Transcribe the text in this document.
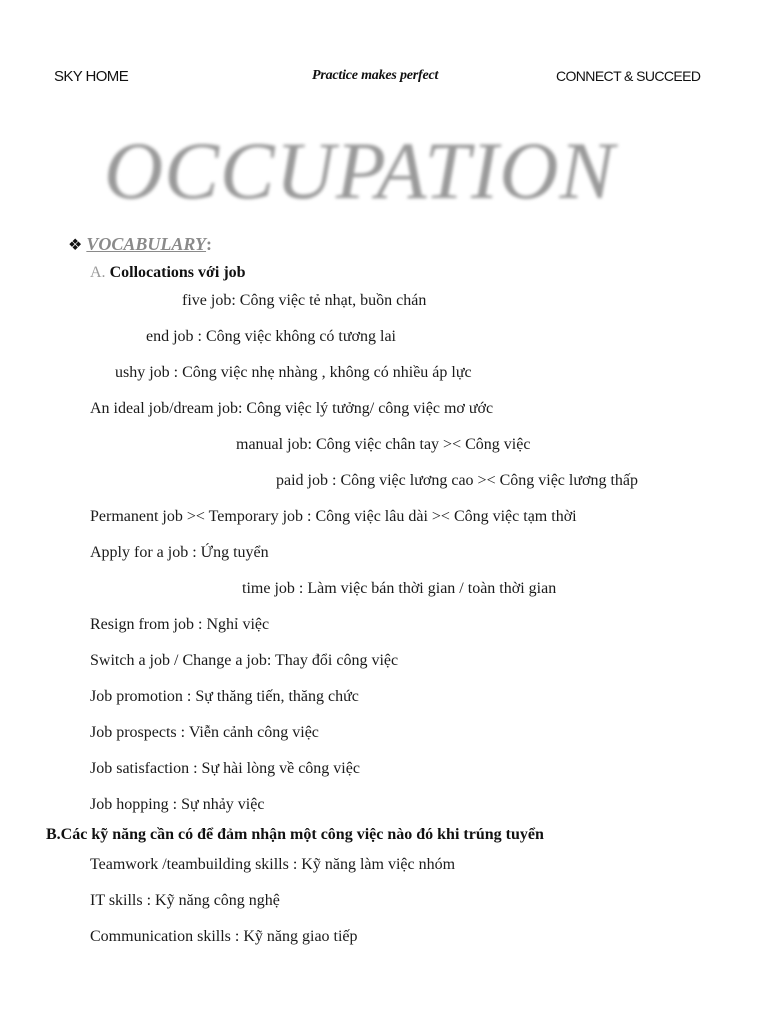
SKY HOME	Practice makes perfect	CONNECT & SUCCEED
OCCUPATION
❖ VOCABULARY:
A. Collocations với job
five job: Công việc tẻ nhạt, buồn chán
end job : Công việc không có tương lai
ushy job : Công việc nhẹ nhàng , không có nhiều áp lực
An ideal job/dream job: Công việc lý tưởng/ công việc mơ ước
manual job: Công việc chân tay >< Công việc
paid job : Công việc lương cao >< Công việc lương thấp
Permanent job >< Temporary job : Công việc lâu dài >< Công việc tạm thời
Apply for a job : Ứng tuyển
time job : Làm việc bán thời gian / toàn thời gian
Resign from job : Nghỉ việc
Switch a job / Change a job: Thay đổi công việc
Job promotion : Sự thăng tiến, thăng chức
Job prospects : Viễn cảnh công việc
Job satisfaction : Sự hài lòng về công việc
Job hopping : Sự nhảy việc
B.Các kỹ năng cần có để đảm nhận một công việc nào đó khi trúng tuyển
Teamwork /teambuilding skills : Kỹ năng làm việc nhóm
IT skills : Kỹ năng công nghệ
Communication skills : Kỹ năng giao tiếp
